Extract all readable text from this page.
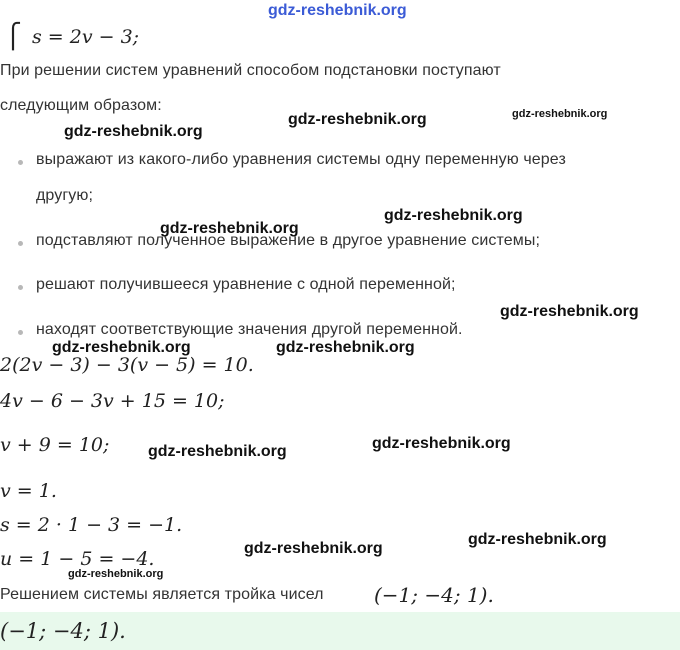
gdz-reshebnik.org
⎧ s = 2v − 3;
При решении систем уравнений способом подстановки поступают
следующим образом:
выражают из какого-либо уравнения системы одну переменную через
другую;
подставляют полученное выражение в другое уравнение системы;
решают получившееся уравнение с одной переменной;
находят соответствующие значения другой переменной.
2(2v − 3) − 3(v − 5) = 10.
4v − 6 − 3v + 15 = 10;
v + 9 = 10;
v = 1.
s = 2 · 1 − 3 = −1.
u = 1 − 5 = −4.
Решением системы является тройка чисел	(−1; −4; 1).
(−1; −4; 1).
gdz-reshebnik.org
gdz-reshebnik.org	gdz-reshebnik.org
gdz-reshebnik.org
gdz-reshebnik.org
gdz-reshebnik.org
gdz-reshebnik.org	gdz-reshebnik.org
gdz-reshebnik.org	gdz-reshebnik.org
gdz-reshebnik.org
gdz-reshebnik.org
gdz-reshebnik.org
